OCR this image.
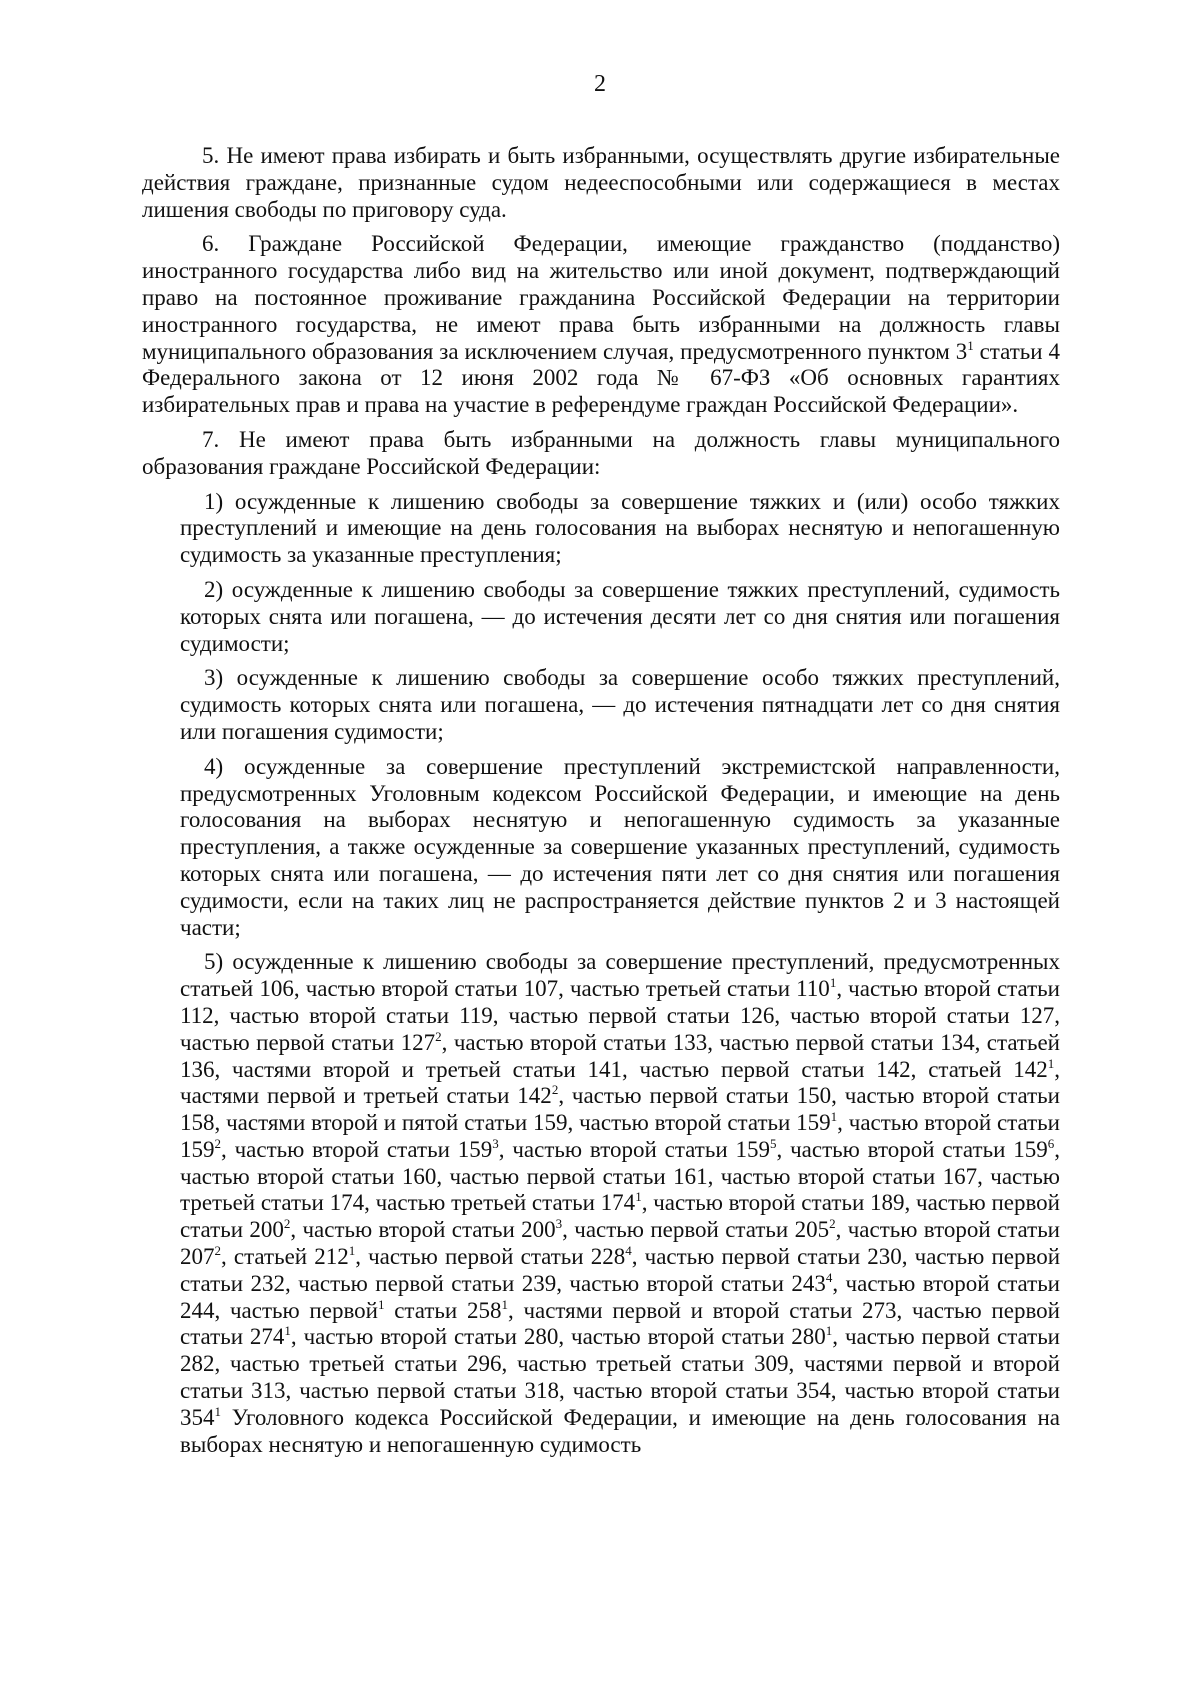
2

5. Не имеют права избирать и быть избранными, осуществлять другие избирательные действия граждане, признанные судом недееспособными или содержащиеся в местах лишения свободы по приговору суда.

6. Граждане Российской Федерации, имеющие гражданство (подданство) иностранного государства либо вид на жительство или иной документ, подтверждающий право на постоянное проживание гражданина Российской Федерации на территории иностранного государства, не имеют права быть избранными на должность главы муниципального образования за исключением случая, предусмотренного пунктом $3^1$ статьи 4 Федерального закона от 12 июня 2002 года № 67-ФЗ «Об основных гарантиях избирательных прав и права на участие в референдуме граждан Российской Федерации».

7. Не имеют права быть избранными на должность главы муниципального образования граждане Российской Федерации:

1) осужденные к лишению свободы за совершение тяжких и (или) особо тяжких преступлений и имеющие на день голосования на выборах неснятую и непогашенную судимость за указанные преступления;

2) осужденные к лишению свободы за совершение тяжких преступлений, судимость которых снята или погашена, — до истечения десяти лет со дня снятия или погашения судимости;

3) осужденные к лишению свободы за совершение особо тяжких преступлений, судимость которых снята или погашена, — до истечения пятнадцати лет со дня снятия или погашения судимости;

4) осужденные за совершение преступлений экстремистской направленности, предусмотренных Уголовным кодексом Российской Федерации, и имеющие на день голосования на выборах неснятую и непогашенную судимость за указанные преступления, а также осужденные за совершение указанных преступлений, судимость которых снята или погашена, — до истечения пяти лет со дня снятия или погашения судимости, если на таких лиц не распространяется действие пунктов 2 и 3 настоящей части;

5) осужденные к лишению свободы за совершение преступлений, предусмотренных статьей 106, частью второй статьи 107, частью третьей статьи $110^1$, частью второй статьи 112, частью второй статьи 119, частью первой статьи 126, частью второй статьи 127, частью первой статьи $127^2$, частью второй статьи 133, частью первой статьи 134, статьей 136, частями второй и третьей статьи 141, частью первой статьи 142, статьей $142^1$, частями первой и третьей статьи $142^2$, частью первой статьи 150, частью второй статьи 158, частями второй и пятой статьи 159, частью второй статьи $159^1$, частью второй статьи $159^2$, частью второй статьи $159^3$, частью второй статьи $159^5$, частью второй статьи $159^6$, частью второй статьи 160, частью первой статьи 161, частью второй статьи 167, частью третьей статьи 174, частью третьей статьи $174^1$, частью второй статьи 189, частью первой статьи $200^2$, частью второй статьи $200^3$, частью первой статьи $205^2$, частью второй статьи $207^2$, статьей $212^1$, частью первой статьи $228^4$, частью первой статьи 230, частью первой статьи 232, частью первой статьи 239, частью второй статьи $243^4$, частью второй статьи 244, частью первой$^1$ статьи $258^1$, частями первой и второй статьи 273, частью первой статьи $274^1$, частью второй статьи 280, частью второй статьи $280^1$, частью первой статьи 282, частью третьей статьи 296, частью третьей статьи 309, частями первой и второй статьи 313, частью первой статьи 318, частью второй статьи 354, частью второй статьи $354^1$ Уголовного кодекса Российской Федерации, и имеющие на день голосования на выборах неснятую и непогашенную судимость
